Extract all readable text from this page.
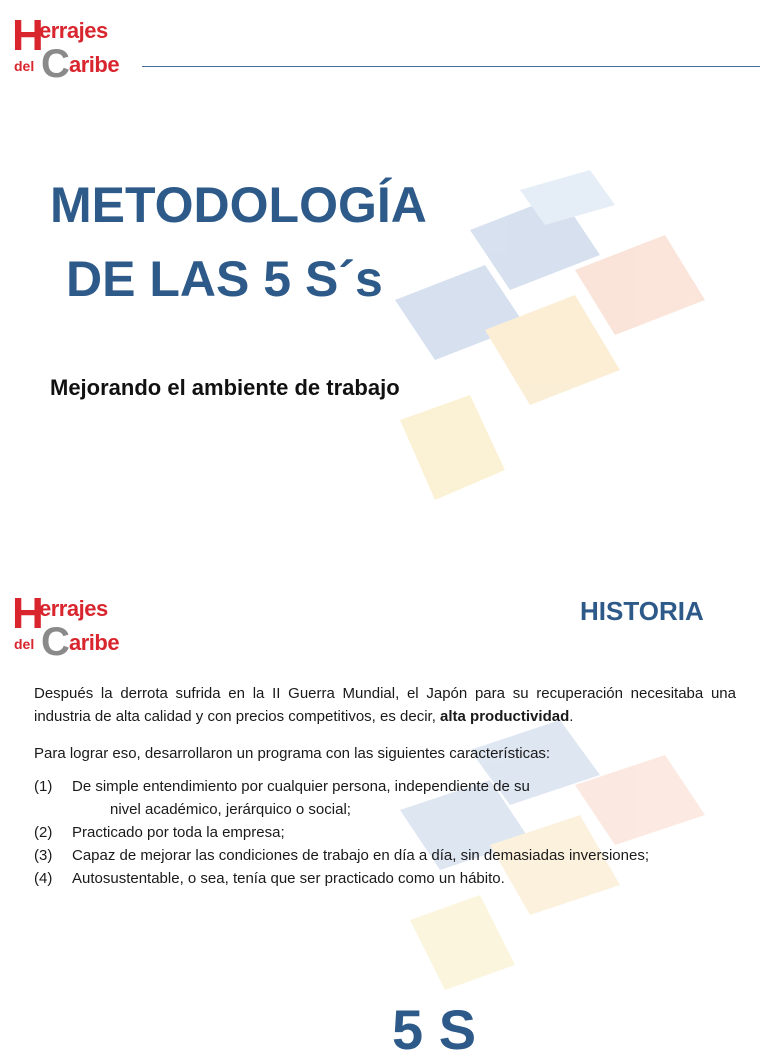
H
errajes
del C aribe
METODOLOGÍA
DE LAS 5 S´s

Mejorando el ambiente de trabajo

H
errajes
del C aribe
HISTORIA

Después la derrota sufrida en la II Guerra Mundial, el Japón para su recuperación necesitaba una industria de alta calidad y con precios competitivos, es decir, alta productividad.

Para lograr eso, desarrollaron un programa con las siguientes características:

(1)	De simple entendimiento por cualquier persona, independiente de su
nivel académico, jerárquico o social;
(2)	Practicado por toda la empresa;
(3)	Capaz de mejorar las condiciones de trabajo en día a día, sin demasiadas inversiones;
(4)	Autosustentable, o sea, tenía que ser practicado como un hábito.
5 S
